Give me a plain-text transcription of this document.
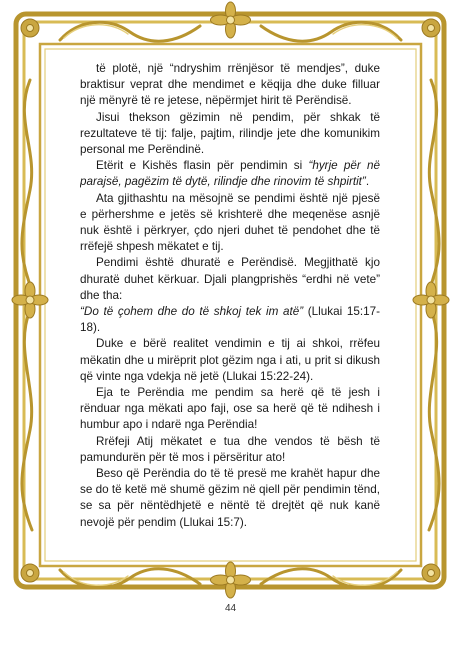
të plotë, një “ndryshim rrënjësor të mendjes”, duke braktisur veprat dhe mendimet e këqija dhe duke filluar një mënyrë të re jetese, nëpërmjet hirit të Perëndisë.

Jisui thekson gëzimin në pendim, për shkak të rezultateve të tij: falje, pajtim, rilindje jete dhe komunikim personal me Perëndinë.

Etërit e Kishës flasin për pendimin si “hyrje për në parajsë, pagëzim të dytë, rilindje dhe rinovim të shpirtit”.

Ata gjithashtu na mësojnë se pendimi është një pjesë e përhershme e jetës së krishterë dhe meqenëse asnjë nuk është i përkryer, çdo njeri duhet të pendohet dhe të rrëfejë shpesh mëkatet e tij.

Pendimi është dhuratë e Perëndisë. Megjithatë kjo dhuratë duhet kërkuar. Djali plangprishës “erdhi në vete” dhe tha:

“Do të çohem dhe do të shkoj tek im atë” (Llukai 15:17-18).

Duke e bërë realitet vendimin e tij ai shkoi, rrëfeu mëkatin dhe u mirëprit plot gëzim nga i ati, u prit si dikush që vinte nga vdekja në jetë (Llukai 15:22-24).

Eja te Perëndia me pendim sa herë që të jesh i rënduar nga mëkati apo faji, ose sa herë që të ndihesh i humbur apo i ndarë nga Perëndia!

Rrëfeji Atij mëkatet e tua dhe vendos të bësh të pamundurën për të mos i përsëritur ato!

Beso që Perëndia do të të presë me krahët hapur dhe se do të ketë më shumë gëzim në qiell për pendimin tënd, se sa për nëntëdhjetë e nëntë të drejtët që nuk kanë nevojë për pendim (Llukai 15:7).

44
